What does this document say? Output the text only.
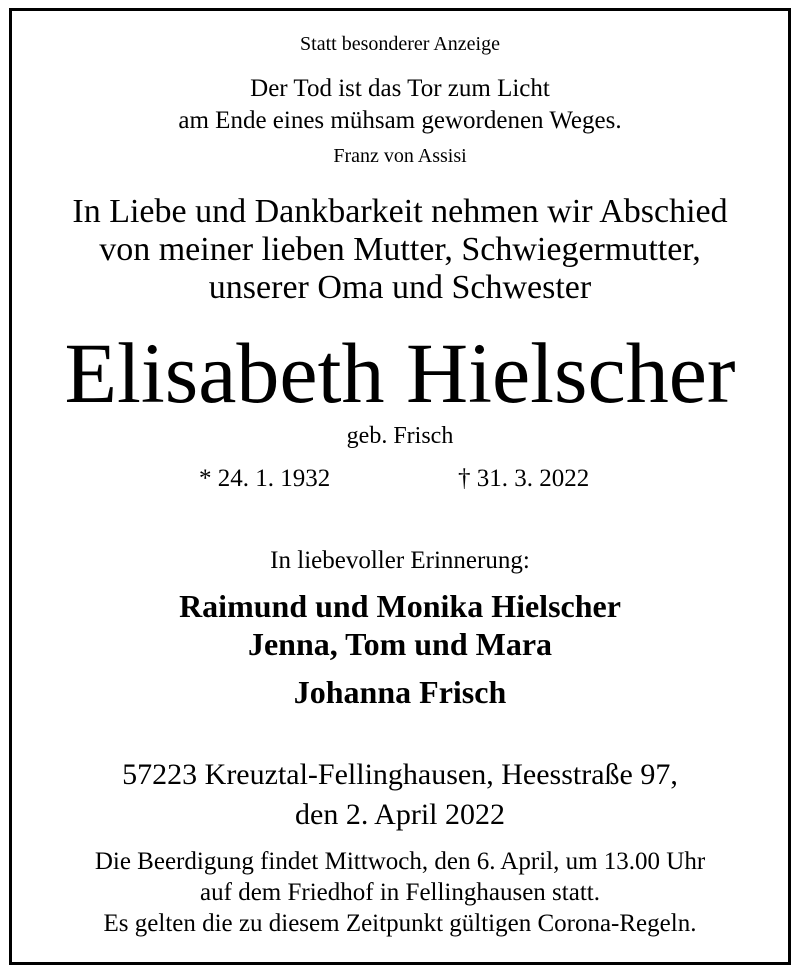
Statt besonderer Anzeige
Der Tod ist das Tor zum Licht
am Ende eines mühsam gewordenen Weges.
Franz von Assisi
In Liebe und Dankbarkeit nehmen wir Abschied
von meiner lieben Mutter, Schwiegermutter,
unserer Oma und Schwester
Elisabeth Hielscher
geb. Frisch
* 24. 1. 1932	† 31. 3. 2022
In liebevoller Erinnerung:
Raimund und Monika Hielscher
Jenna, Tom und Mara
Johanna Frisch
57223 Kreuztal-Fellinghausen, Heesstraße 97,
den 2. April 2022
Die Beerdigung findet Mittwoch, den 6. April, um 13.00 Uhr
auf dem Friedhof in Fellinghausen statt.
Es gelten die zu diesem Zeitpunkt gültigen Corona-Regeln.
